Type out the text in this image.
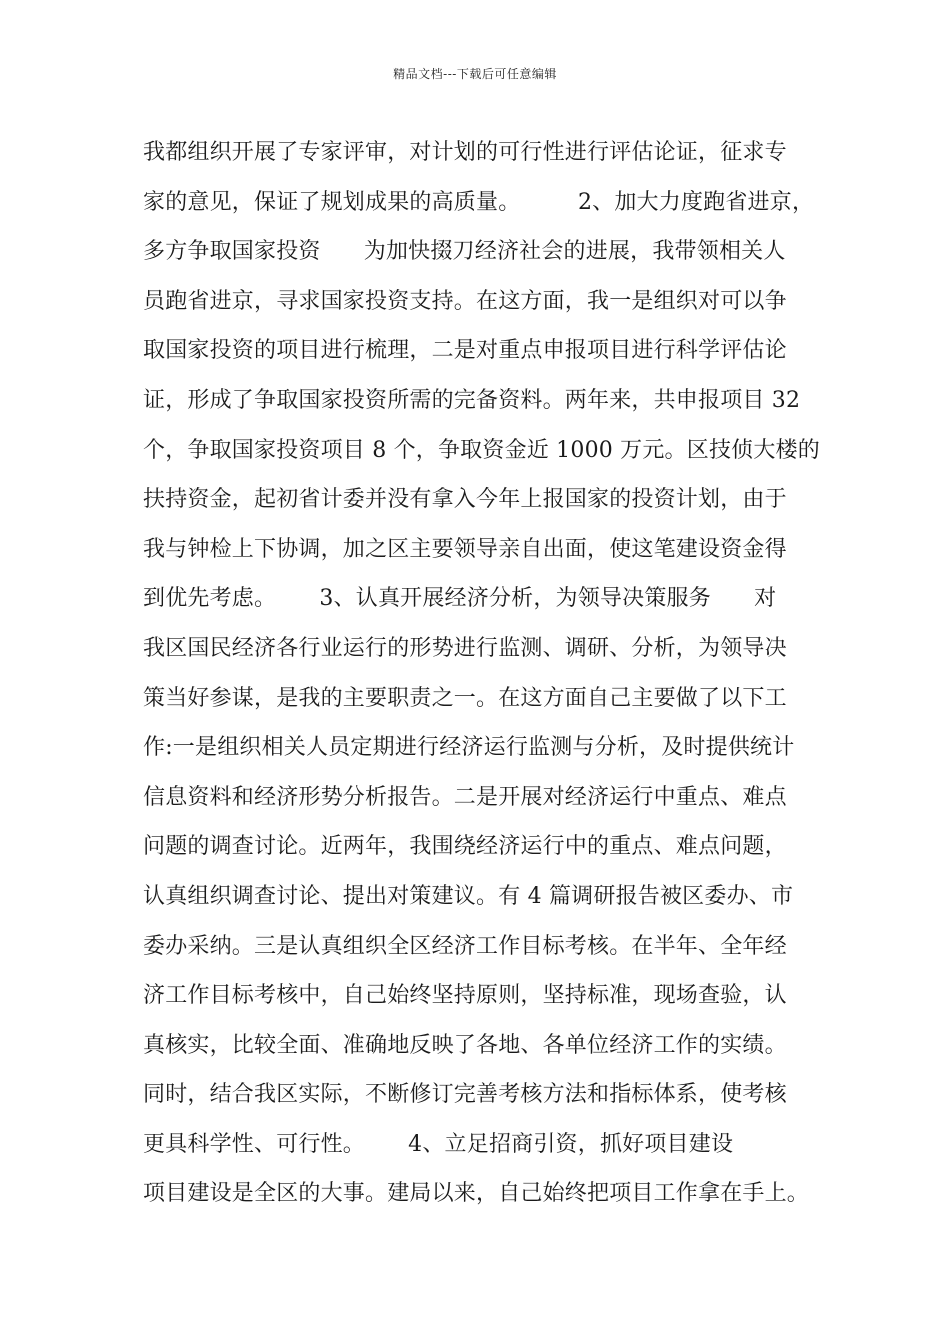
精品文档---下载后可任意编辑
我都组织开展了专家评审，对计划的可行性进行评估论证，征求专
家的意见，保证了规划成果的高质量。        2、加大力度跑省进京，
多方争取国家投资      为加快掇刀经济社会的进展，我带领相关人
员跑省进京，寻求国家投资支持。在这方面，我一是组织对可以争
取国家投资的项目进行梳理，二是对重点申报项目进行科学评估论
证，形成了争取国家投资所需的完备资料。两年来，共申报项目 32
个，争取国家投资项目 8 个，争取资金近 1000 万元。区技侦大楼的
扶持资金，起初省计委并没有拿入今年上报国家的投资计划，由于
我与钟检上下协调，加之区主要领导亲自出面，使这笔建设资金得
到优先考虑。      3、认真开展经济分析，为领导决策服务      对
我区国民经济各行业运行的形势进行监测、调研、分析，为领导决
策当好参谋，是我的主要职责之一。在这方面自己主要做了以下工
作:一是组织相关人员定期进行经济运行监测与分析，及时提供统计
信息资料和经济形势分析报告。二是开展对经济运行中重点、难点
问题的调查讨论。近两年，我围绕经济运行中的重点、难点问题，
认真组织调查讨论、提出对策建议。有 4 篇调研报告被区委办、市
委办采纳。三是认真组织全区经济工作目标考核。在半年、全年经
济工作目标考核中，自己始终坚持原则，坚持标准，现场查验，认
真核实，比较全面、准确地反映了各地、各单位经济工作的实绩。
同时，结合我区实际，不断修订完善考核方法和指标体系，使考核
更具科学性、可行性。      4、立足招商引资，抓好项目建设
项目建设是全区的大事。建局以来，自己始终把项目工作拿在手上。
